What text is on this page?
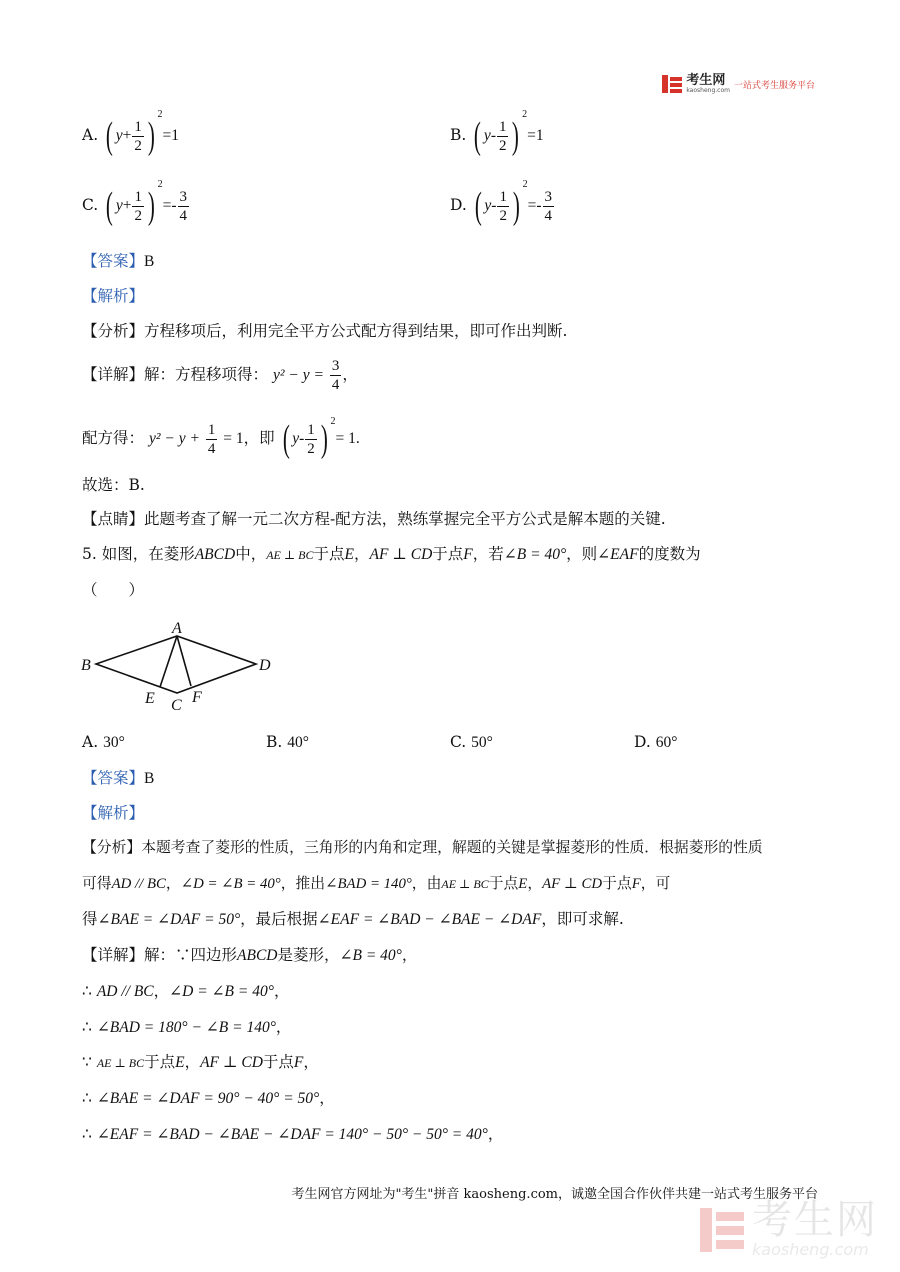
考生网
kaosheng.com 一站式考生服务平台
A. ( $y+ \frac{1}{2} )^2=1$	B. ( $y- \frac{1}{2} )^2=1$
C. ( $y+ \frac{1}{2} )^2=- \frac{3}{4}$	D. ( $y- \frac{1}{2} )^2=- \frac{3}{4}$
【答案】B
【解析】
【分析】方程移项后，利用完全平方公式配方得到结果，即可作出判断.
【详解】解：方程移项得： $y^2 - y = \frac{3}{4}$ ，
配方得： $y^2 - y + \frac{1}{4} = 1$，即 ( $y- \frac{1}{2}$ ) $^2$= 1.
故选：B.
【点睛】此题考查了解一元二次方程-配方法，熟练掌握完全平方公式是解本题的关键.
5. 如图，在菱形ABCD中，AE ⊥ BC于点E，AF ⊥ CD于点F，若∠B = 40°，则∠EAF的度数为
（　　）
A
B
C
D
E F
A. 30°	B. 40°	C. 50°	D. 60°
【答案】B
【解析】
【分析】本题考查了菱形的性质，三角形的内角和定理，解题的关键是掌握菱形的性质．根据菱形的性质
可得AD // BC，∠D = ∠B = 40°，推出∠BAD = 140°，由AE ⊥ BC于点E，AF ⊥ CD于点F，可
得∠BAE = ∠DAF = 50°，最后根据∠EAF = ∠BAD − ∠BAE − ∠DAF，即可求解.
【详解】解：∵四边形ABCD是菱形，∠B = 40°，
∴ AD // BC，∠D = ∠B = 40°，
∴ ∠BAD = 180° − ∠B = 140°，
∵ AE ⊥ BC于点E，AF ⊥ CD于点F，
∴ ∠BAE = ∠DAF = 90° − 40° = 50°，
∴ ∠EAF = ∠BAD − ∠BAE − ∠DAF = 140° − 50° − 50° = 40°，
考生网官方网址为"考生"拼音 kaosheng.com，诚邀全国合作伙伴共建一站式考生服务平台
考生网
kaosheng.com
